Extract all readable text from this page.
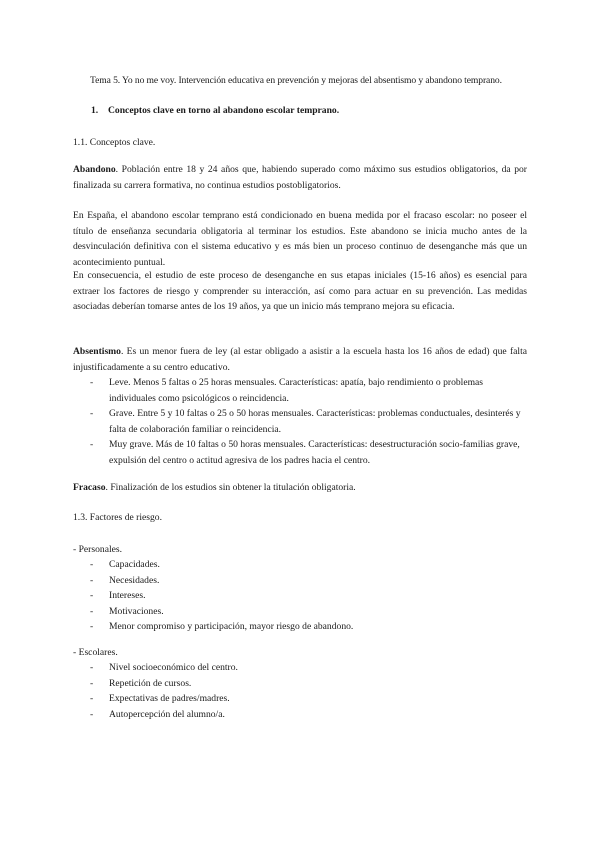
Tema 5. Yo no me voy. Intervención educativa en prevención y mejoras del absentismo y abandono temprano.
1. Conceptos clave en torno al abandono escolar temprano.
1.1. Conceptos clave.
Abandono. Población entre 18 y 24 años que, habiendo superado como máximo sus estudios obligatorios, da por finalizada su carrera formativa, no continua estudios postobligatorios.
En España, el abandono escolar temprano está condicionado en buena medida por el fracaso escolar: no poseer el título de enseñanza secundaria obligatoria al terminar los estudios. Este abandono se inicia mucho antes de la desvinculación definitiva con el sistema educativo y es más bien un proceso continuo de desenganche más que un acontecimiento puntual.
En consecuencia, el estudio de este proceso de desenganche en sus etapas iniciales (15-16 años) es esencial para extraer los factores de riesgo y comprender su interacción, así como para actuar en su prevención. Las medidas asociadas deberían tomarse antes de los 19 años, ya que un inicio más temprano mejora su eficacia.
Absentismo. Es un menor fuera de ley (al estar obligado a asistir a la escuela hasta los 16 años de edad) que falta injustificadamente a su centro educativo.
- Leve. Menos 5 faltas o 25 horas mensuales. Características: apatía, bajo rendimiento o problemas individuales como psicológicos o reincidencia.
- Grave. Entre 5 y 10 faltas o 25 o 50 horas mensuales. Características: problemas conductuales, desinterés y falta de colaboración familiar o reincidencia.
- Muy grave. Más de 10 faltas o 50 horas mensuales. Características: desestructuración socio-familias grave, expulsión del centro o actitud agresiva de los padres hacia el centro.
Fracaso. Finalización de los estudios sin obtener la titulación obligatoria.
1.3. Factores de riesgo.
- Personales.
- Capacidades.
- Necesidades.
- Intereses.
- Motivaciones.
- Menor compromiso y participación, mayor riesgo de abandono.
- Escolares.
- Nivel socioeconómico del centro.
- Repetición de cursos.
- Expectativas de padres/madres.
- Autopercepción del alumno/a.
